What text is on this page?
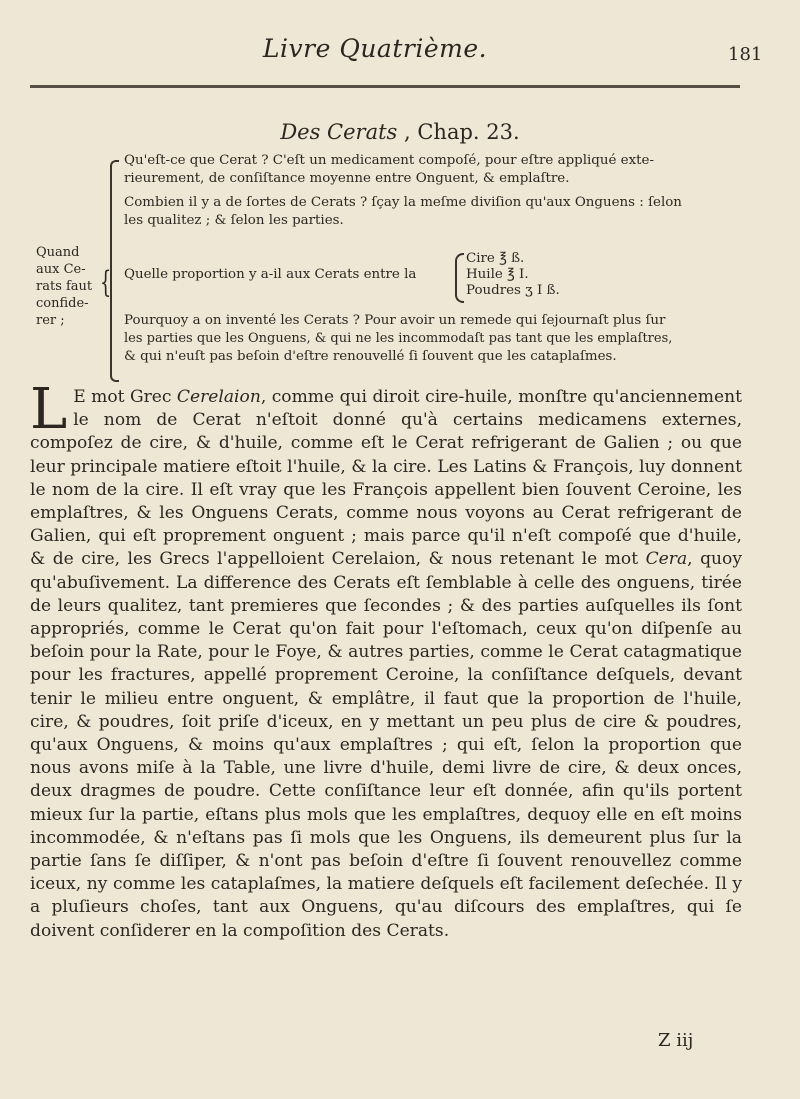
Livre Quatrième.	181
Des Cerats , Chap. 23.
Quand
aux Ce-
rats faut
confide-
rer ;
{
Qu'eſt-ce que Cerat ? C'eſt un medicament compoſé, pour eſtre appliqué exte-
rieurement, de conſiſtance moyenne entre Onguent, & emplaſtre.
Combien il y a de ſortes de Cerats ? ſçay la meſme diviſion qu'aux Onguens : ſelon
les qualitez ; & ſelon les parties.
Quelle proportion y a-il aux Cerats entre la
Cire ℥ ß.
Huile ℥ I.
Poudres ʒ I ß.
Pourquoy a on inventé les Cerats ? Pour avoir un remede qui ſejournaſt plus ſur
les parties que les Onguens, & qui ne les incommodaſt pas tant que les emplaſtres,
& qui n'euſt pas beſoin d'eſtre renouvellé ſi ſouvent que les cataplaſmes.

L E mot Grec Cerelaion, comme qui diroit cire-huile, monſtre qu'anciennement le nom de Cerat n'eſtoit donné qu'à certains medicamens externes, compoſez de cire, & d'huile, comme eſt le Cerat refrigerant de Galien ; ou que leur principale matiere eſtoit l'huile, & la cire. Les Latins & François, luy donnent le nom de la cire. Il eſt vray que les François appellent bien ſouvent Ceroine, les emplaſtres, & les Onguens Cerats, comme nous voyons au Cerat refrigerant de Galien, qui eſt proprement onguent ; mais parce qu'il n'eſt compoſé que d'huile, & de cire, les Grecs l'appelloient Cerelaion, & nous retenant le mot Cera, quoy qu'abuſivement. La difference des Cerats eſt ſemblable à celle des onguens, tirée de leurs qualitez, tant premieres que ſecondes ; & des parties auſquelles ils ſont appropriés, comme le Cerat qu'on fait pour l'eſtomach, ceux qu'on diſpenſe au beſoin pour la Rate, pour le Foye, & autres parties, comme le Cerat catagmatique pour les fractures, appellé proprement Ceroine, la conſiſtance deſquels, devant tenir le milieu entre onguent, & emplâtre, il faut que la proportion de l'huile, cire, & poudres, ſoit priſe d'iceux, en y mettant un peu plus de cire & poudres, qu'aux Onguens, & moins qu'aux emplaſtres ; qui eſt, ſelon la proportion que nous avons miſe à la Table, une livre d'huile, demi livre de cire, & deux onces, deux dragmes de poudre. Cette conſiſtance leur eſt donnée, afin qu'ils portent mieux ſur la partie, eſtans plus mols que les emplaſtres, dequoy elle en eſt moins incommodée, & n'eſtans pas ſi mols que les Onguens, ils demeurent plus ſur la partie ſans ſe diſſiper, & n'ont pas beſoin d'eſtre ſi ſouvent renouvellez comme iceux, ny comme les cataplaſmes, la matiere deſquels eſt facilement deſechée. Il y a pluſieurs choſes, tant aux Onguens, qu'au diſcours des emplaſtres, qui ſe doivent conſiderer en la compoſition des Cerats.

Z iij
